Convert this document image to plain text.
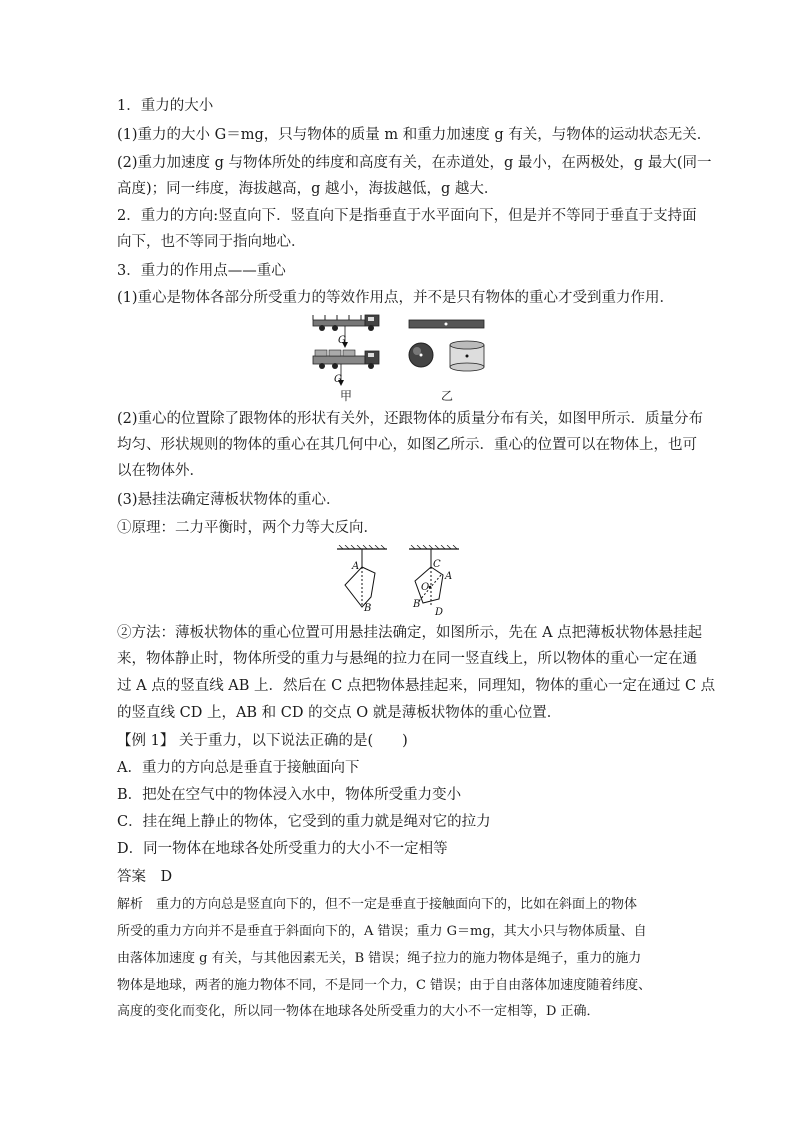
1．重力的大小
(1)重力的大小 G＝mg，只与物体的质量 m 和重力加速度 g 有关，与物体的运动状态无关．
(2)重力加速度 g 与物体所处的纬度和高度有关，在赤道处，g 最小，在两极处，g 最大(同一
高度)；同一纬度，海拔越高，g 越小，海拔越低，g 越大．
2．重力的方向:竖直向下．竖直向下是指垂直于水平面向下，但是并不等同于垂直于支持面
向下，也不等同于指向地心．
3．重力的作用点——重心
(1)重心是物体各部分所受重力的等效作用点，并不是只有物体的重心才受到重力作用．
G
G
甲	乙
(2)重心的位置除了跟物体的形状有关外，还跟物体的质量分布有关，如图甲所示．质量分布
均匀、形状规则的物体的重心在其几何中心，如图乙所示．重心的位置可以在物体上，也可
以在物体外．
(3)悬挂法确定薄板状物体的重心．
①原理：二力平衡时，两个力等大反向．
A
B
C
A
O
B
D
②方法：薄板状物体的重心位置可用悬挂法确定，如图所示，先在 A 点把薄板状物体悬挂起
来，物体静止时，物体所受的重力与悬绳的拉力在同一竖直线上，所以物体的重心一定在通
过 A 点的竖直线 AB 上．然后在 C 点把物体悬挂起来，同理知，物体的重心一定在通过 C 点
的竖直线 CD 上，AB 和 CD 的交点 O 就是薄板状物体的重心位置．
【例 1】 关于重力，以下说法正确的是(　　)
A．重力的方向总是垂直于接触面向下
B．把处在空气中的物体浸入水中，物体所受重力变小
C．挂在绳上静止的物体，它受到的重力就是绳对它的拉力
D．同一物体在地球各处所受重力的大小不一定相等
答案　D
解析　重力的方向总是竖直向下的，但不一定是垂直于接触面向下的，比如在斜面上的物体
所受的重力方向并不是垂直于斜面向下的，A 错误；重力 G＝mg，其大小只与物体质量、自
由落体加速度 g 有关，与其他因素无关，B 错误；绳子拉力的施力物体是绳子，重力的施力
物体是地球，两者的施力物体不同，不是同一个力，C 错误；由于自由落体加速度随着纬度、
高度的变化而变化，所以同一物体在地球各处所受重力的大小不一定相等，D 正确．
